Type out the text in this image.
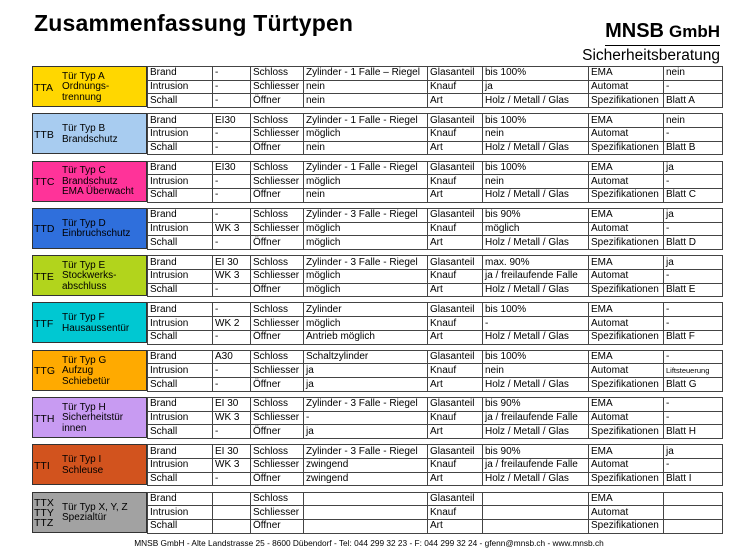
Zusammenfassung Türtypen	MNSB GmbH
Sicherheitsberatung
TTA
Tür Typ A
Ordnungs-
trennung
Brand	-	Schloss	Zylinder - 1 Falle – Riegel	Glasanteil	bis 100%	EMA	nein
Intrusion	-	Schliesser	nein	Knauf	ja	Automat	-
Schall	-	Öffner	nein	Art	Holz / Metall / Glas	Spezifikationen	Blatt A
TTB Tür Typ B
Brandschutz
Brand	EI30	Schloss	Zylinder - 1 Falle - Riegel	Glasanteil	bis 100%	EMA	nein
Intrusion	-	Schliesser	möglich	Knauf	nein	Automat	-
Schall	-	Öffner	nein	Art	Holz / Metall / Glas	Spezifikationen	Blatt B
TTC
Tür Typ C
Brandschutz
EMA Überwacht
Brand	EI30	Schloss	Zylinder - 1 Falle - Riegel	Glasanteil	bis 100%	EMA	ja
Intrusion	-	Schliesser	möglich	Knauf	nein	Automat	-
Schall	-	Öffner	nein	Art	Holz / Metall / Glas	Spezifikationen	Blatt C
TTD Tür Typ D
Einbruchschutz
Brand	-	Schloss	Zylinder - 3 Falle - Riegel	Glasanteil	bis 90%	EMA	ja
Intrusion	WK 3	Schliesser	möglich	Knauf	möglich	Automat	-
Schall	-	Öffner	möglich	Art	Holz / Metall / Glas	Spezifikationen	Blatt D
TTE
Tür Typ E
Stockwerks-
abschluss
Brand	EI 30	Schloss	Zylinder - 3 Falle - Riegel	Glasanteil	max. 90%	EMA	ja
Intrusion	WK 3	Schliesser	möglich	Knauf	ja / freilaufende Falle	Automat	-
Schall	-	Öffner	möglich	Art	Holz / Metall / Glas	Spezifikationen	Blatt E
TTF Tür Typ F
Hausaussentür
Brand	-	Schloss	Zylinder	Glasanteil	bis 100%	EMA	-
Intrusion	WK 2	Schliesser	möglich	Knauf	-	Automat	-
Schall	-	Öffner	Antrieb möglich	Art	Holz / Metall / Glas	Spezifikationen	Blatt F
TTG
Tür Typ G
Aufzug
Schiebetür
Brand	A30	Schloss	Schaltzylinder	Glasanteil	bis 100%	EMA	-
Intrusion	-	Schliesser	ja	Knauf	nein	Automat	Liftsteuerung
Schall	-	Öffner	ja	Art	Holz / Metall / Glas	Spezifikationen	Blatt G
TTH
Tür Typ H
Sicherheitstür
innen
Brand	EI 30	Schloss	Zylinder - 3 Falle - Riegel	Glasanteil	bis 90%	EMA	-
Intrusion	WK 3	Schliesser	-	Knauf	ja / freilaufende Falle	Automat	-
Schall	-	Öffner	ja	Art	Holz / Metall / Glas	Spezifikationen	Blatt H
TTI	Tür Typ I
Schleuse
Brand	EI 30	Schloss	Zylinder - 3 Falle - Riegel	Glasanteil	bis 90%	EMA	ja
Intrusion	WK 3	Schliesser	zwingend	Knauf	ja / freilaufende Falle	Automat	-
Schall	-	Öffner	zwingend	Art	Holz / Metall / Glas	Spezifikationen	Blatt I
TTX
TTY
TTZ
Tür Typ X, Y, Z
Spezialtür
Brand		Schloss		Glasanteil		EMA	
Intrusion		Schliesser		Knauf		Automat	
Schall		Öffner		Art		Spezifikationen	
MNSB GmbH - Alte Landstrasse 25 - 8600 Dübendorf - Tel: 044 299 32 23 - F: 044 299 32 24 - gfenn@mnsb.ch - www.mnsb.ch
